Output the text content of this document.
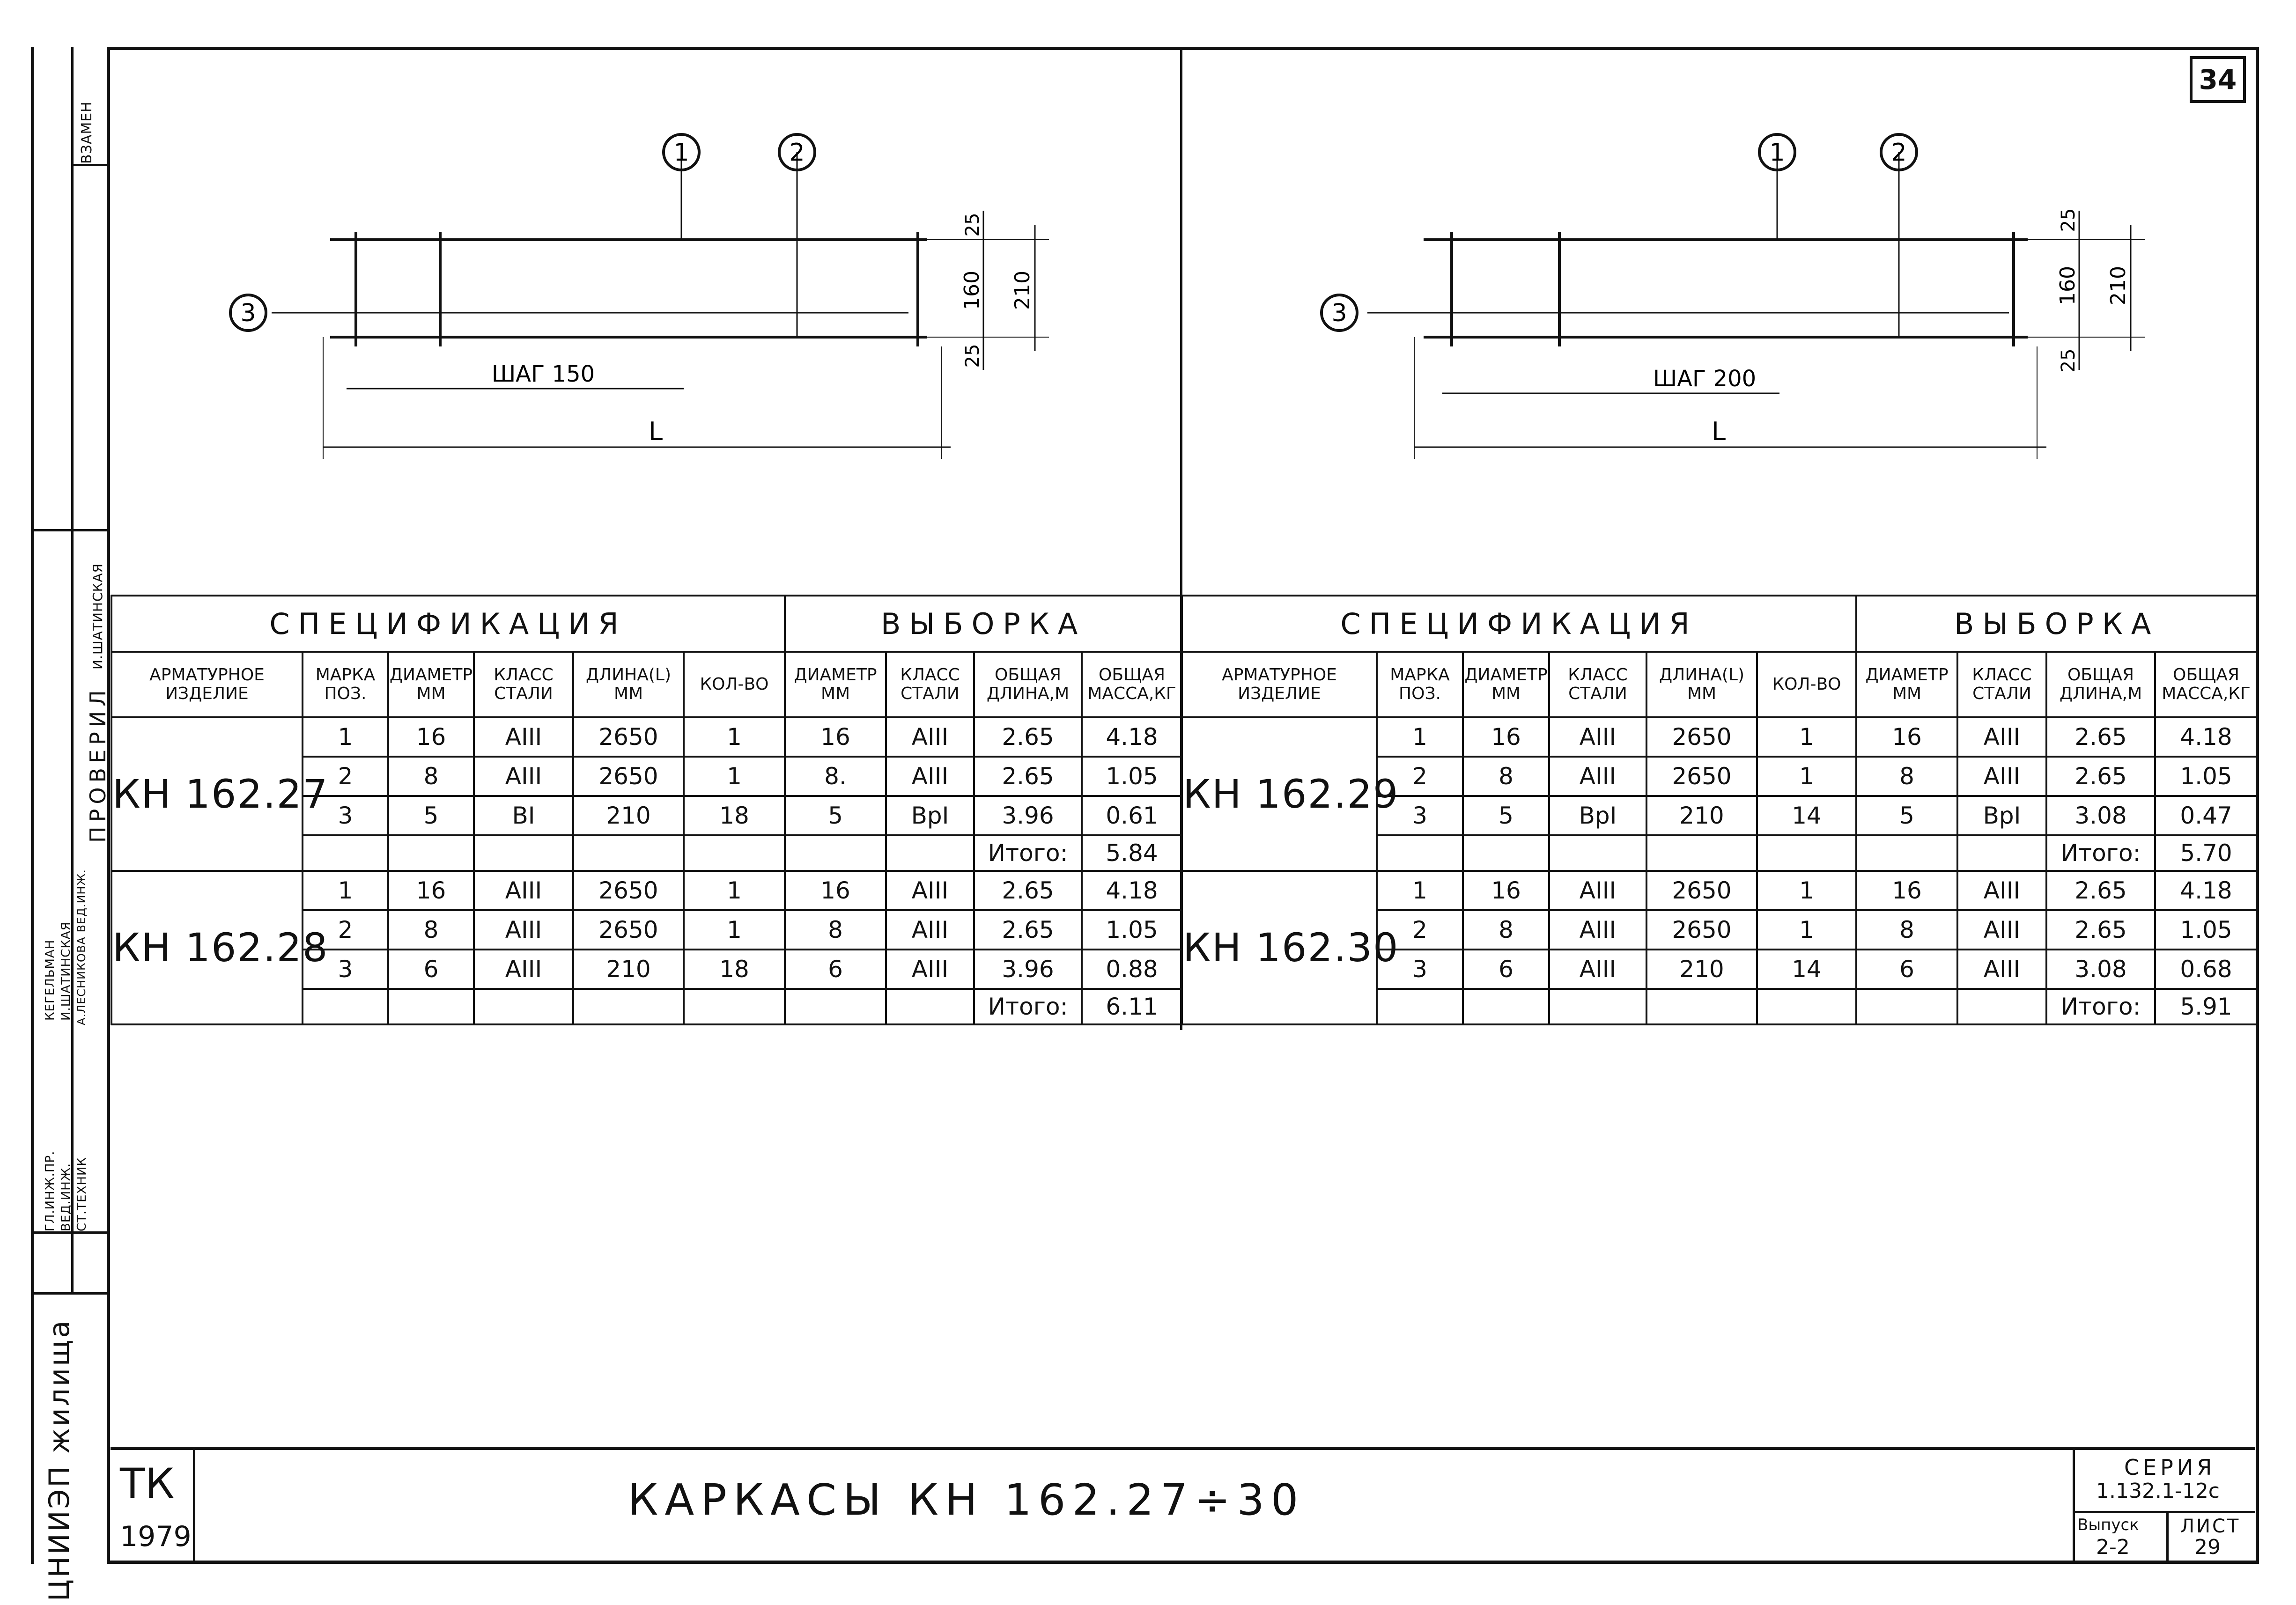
34
ВЗАМЕН
ПРОВЕРИЛ
И.ШАТИНСКАЯ
ГЛ.ИНЖ.ПР. ВЕД.ИНЖ. СТ.ТЕХНИК
КЕГЕЛЬМАН И.ШАТИНСКАЯ А.ЛЕСНИКОВА ВЕД.ИНЖ.
ЦНИИЭП жилища
1	2
3
ШАГ 150
L
25
160 210
25
1	2
3
ШАГ 200
L
25
160 210
25
СПЕЦИФИКАЦИЯ						ВЫБОРКА			
АРМАТУРНОЕ ИЗДЕЛИЕ	МАРКА ПОЗ.	ДИАМЕТР ММ	КЛАСС СТАЛИ	ДЛИНА(L) ММ	КОЛ-ВО	ДИАМЕТР ММ	КЛАСС СТАЛИ	ОБЩАЯ ДЛИНА,М	ОБЩАЯ МАССА,КГ
КН 162.27	1	16	АIII	2650	1	16	АIII	2.65	4.18
	2	8	АIII	2650	1	8.	АIII	2.65	1.05
	3	5	ВI	210	18	5	ВрI	3.96	0.61
								Итого:	5.84
КН 162.28	1	16	АIII	2650	1	16	АIII	2.65	4.18
	2	8	АIII	2650	1	8	АIII	2.65	1.05
	3	6	АIII	210	18	6	АIII	3.96	0.88
								Итого:	6.11
СПЕЦИФИКАЦИЯ						ВЫБОРКА			
АРМАТУРНОЕ ИЗДЕЛИЕ	МАРКА ПОЗ.	ДИАМЕТР ММ	КЛАСС СТАЛИ	ДЛИНА(L) ММ	КОЛ-ВО	ДИАМЕТР ММ	КЛАСС СТАЛИ	ОБЩАЯ ДЛИНА,М	ОБЩАЯ МАССА,КГ
КН 162.29	1	16	АIII	2650	1	16	АIII	2.65	4.18
	2	8	АIII	2650	1	8	АIII	2.65	1.05
	3	5	ВрI	210	14	5	ВрI	3.08	0.47
								Итого:	5.70
КН 162.30	1	16	АIII	2650	1	16	АIII	2.65	4.18
	2	8	АIII	2650	1	8	АIII	2.65	1.05
	3	6	АIII	210	14	6	АIII	3.08	0.68
								Итого:	5.91
ТК
1979
СЕРИЯ
1.132.1-12с
Выпуск
2-2
ЛИСТ
29
КАРКАСЫ КН 162.27÷30
